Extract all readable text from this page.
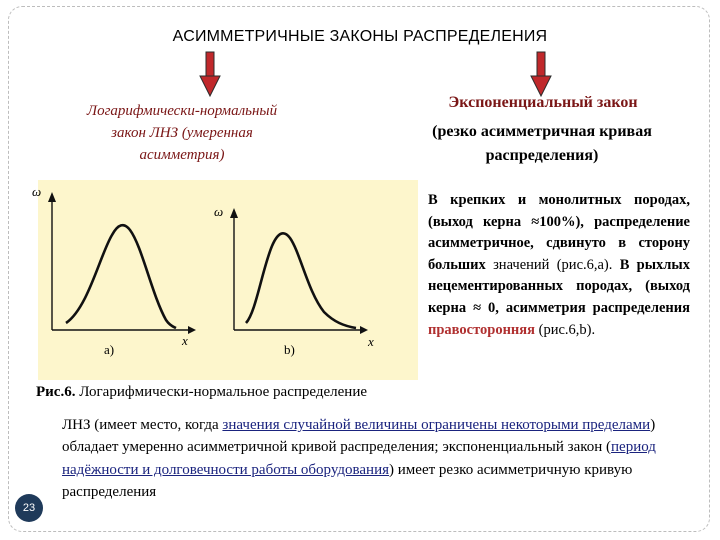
АСИММЕТРИЧНЫЕ ЗАКОНЫ РАСПРЕДЕЛЕНИЯ
Логарифмически-нормальный
закон ЛНЗ (умеренная
асимметрия)
Экспоненциальный закон
(резко асимметричная кривая
распределения)
ω
x
а)
ω
x
b)
В крепких и монолитных породах, (выход керна ≈100%), распределение асимметричное, сдвинуто в сторону больших значений (рис.6,а). В рыхлых нецементированных породах, (выход керна ≈ 0, асимметрия распределения правосторонняя (рис.6,b).
Рис.6. Логарифмически-нормальное распределение
ЛНЗ (имеет место, когда значения случайной величины ограничены некоторыми пределами) обладает умеренно асимметричной кривой распределения; экспоненциальный закон (период надёжности и долговечности работы оборудования) имеет резко асимметричную кривую распределения
23
